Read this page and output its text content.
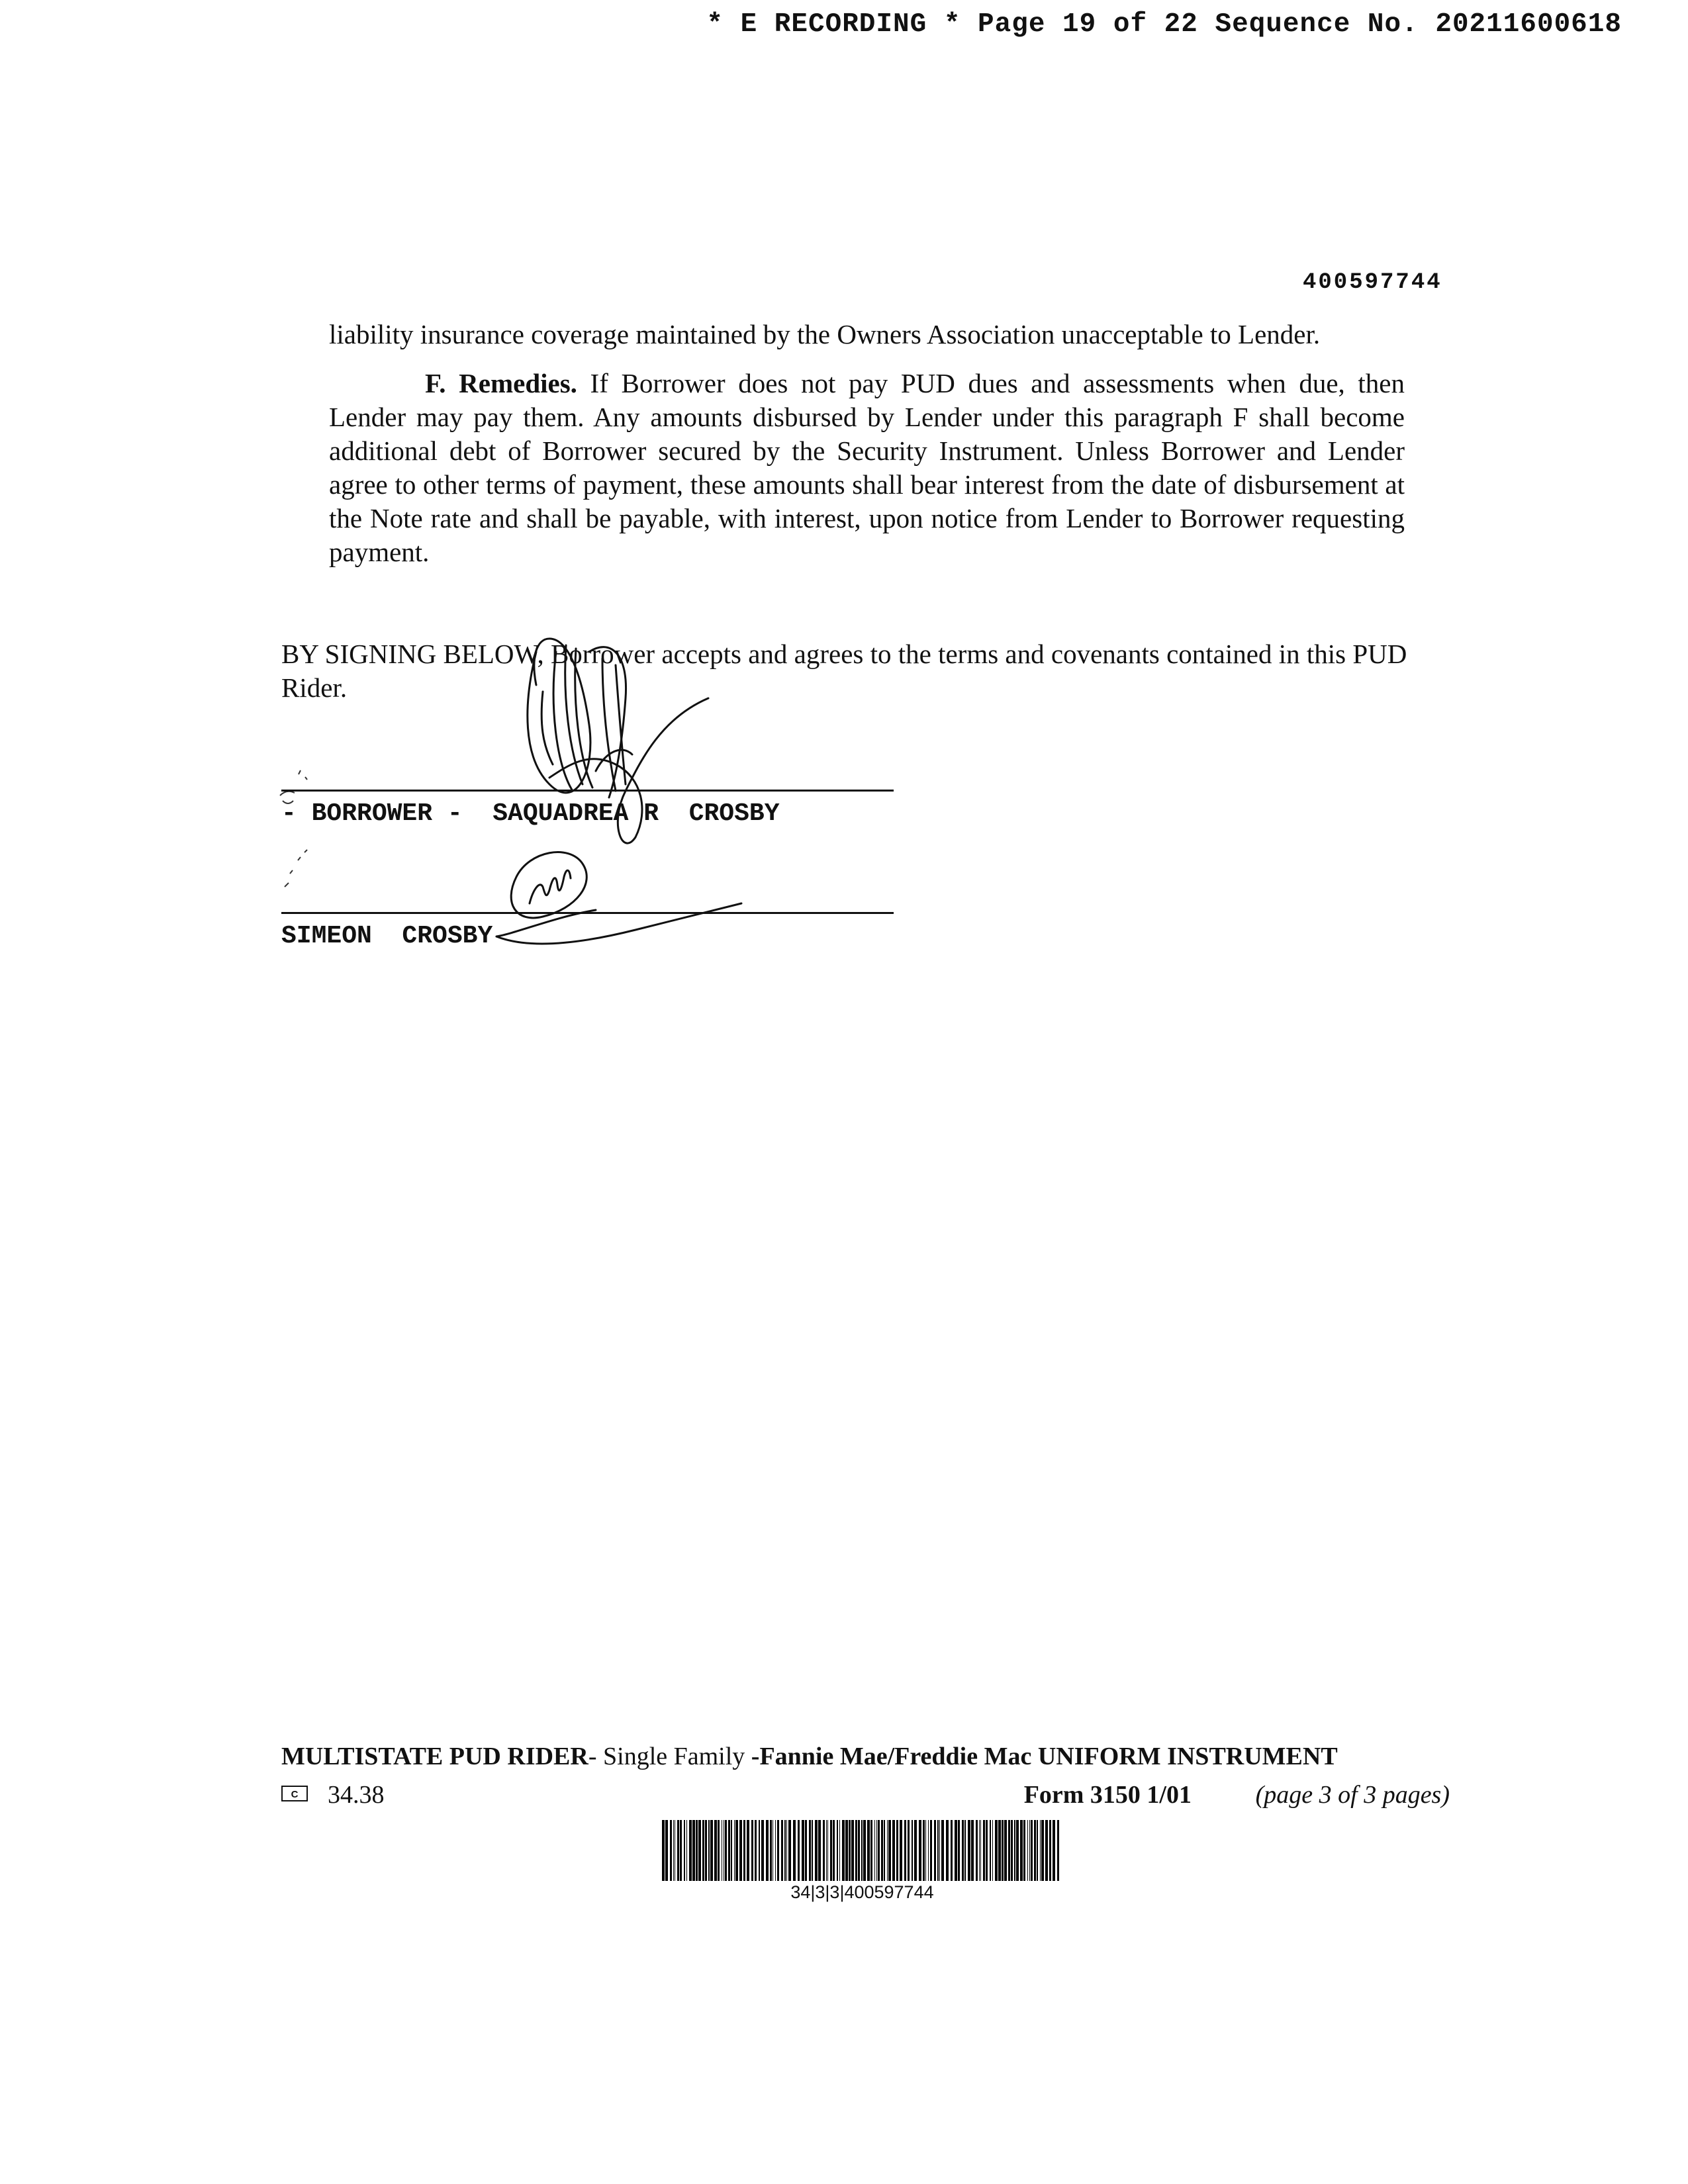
* E RECORDING * Page 19 of 22 Sequence No. 20211600618
400597744
liability insurance coverage maintained by the Owners Association unacceptable to Lender.
F. Remedies. If Borrower does not pay PUD dues and assessments when due, then Lender may pay them. Any amounts disbursed by Lender under this paragraph F shall become additional debt of Borrower secured by the Security Instrument. Unless Borrower and Lender agree to other terms of payment, these amounts shall bear interest from the date of disbursement at the Note rate and shall be payable, with interest, upon notice from Lender to Borrower requesting payment.
BY SIGNING BELOW, Borrower accepts and agrees to the terms and covenants contained in this PUD Rider.
- BORROWER -  SAQUADREA R  CROSBY
SIMEON  CROSBY
MULTISTATE PUD RIDER- Single Family -Fannie Mae/Freddie Mac UNIFORM INSTRUMENT
C 34.38	Form 3150 1/01	(page 3 of 3 pages)
34|3|3|400597744
